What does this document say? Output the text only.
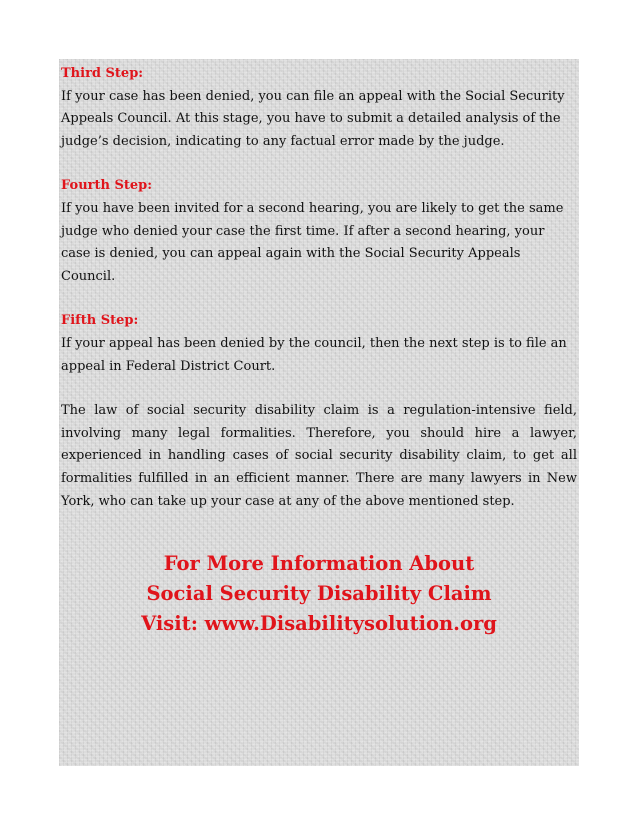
Third Step:

If your case has been denied, you can file an appeal with the Social Security Appeals Council. At this stage, you have to submit a detailed analysis of the judge’s decision, indicating to any factual error made by the judge.

Fourth Step:

If you have been invited for a second hearing, you are likely to get the same judge who denied your case the first time. If after a second hearing, your case is denied, you can appeal again with the Social Security Appeals Council.

Fifth Step:

If your appeal has been denied by the council, then the next step is to file an appeal in Federal District Court.

The law of social security disability claim is a regulation-intensive field, involving many legal formalities. Therefore, you should hire a lawyer, experienced in handling cases of social security disability claim, to get all formalities fulfilled in an efficient manner. There are many lawyers in New York, who can take up your case at any of the above mentioned step.

For More Information About
Social Security Disability Claim
Visit: www.Disabilitysolution.org
